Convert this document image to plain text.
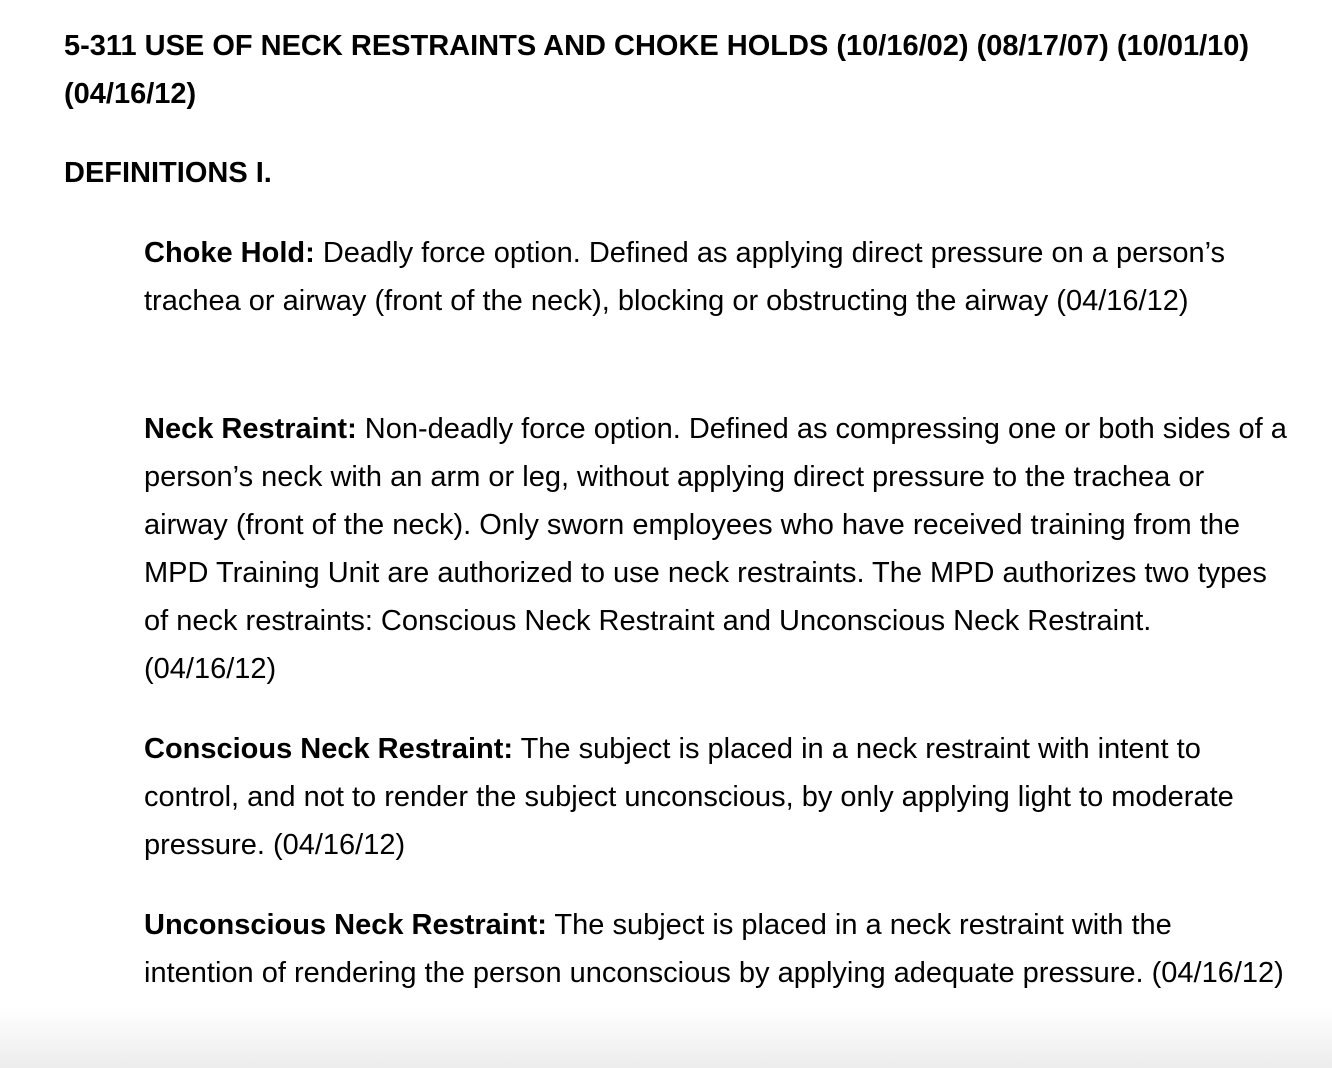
5-311 USE OF NECK RESTRAINTS AND CHOKE HOLDS (10/16/02) (08/17/07) (10/01/10) (04/16/12)
DEFINITIONS I.

Choke Hold: Deadly force option. Defined as applying direct pressure on a person’s trachea or airway (front of the neck), blocking or obstructing the airway (04/16/12)

Neck Restraint: Non-deadly force option. Defined as compressing one or both sides of a person’s neck with an arm or leg, without applying direct pressure to the trachea or airway (front of the neck). Only sworn employees who have received training from the MPD Training Unit are authorized to use neck restraints. The MPD authorizes two types of neck restraints: Conscious Neck Restraint and Unconscious Neck Restraint. (04/16/12)

Conscious Neck Restraint: The subject is placed in a neck restraint with intent to control, and not to render the subject unconscious, by only applying light to moderate pressure. (04/16/12)

Unconscious Neck Restraint: The subject is placed in a neck restraint with the intention of rendering the person unconscious by applying adequate pressure. (04/16/12)
